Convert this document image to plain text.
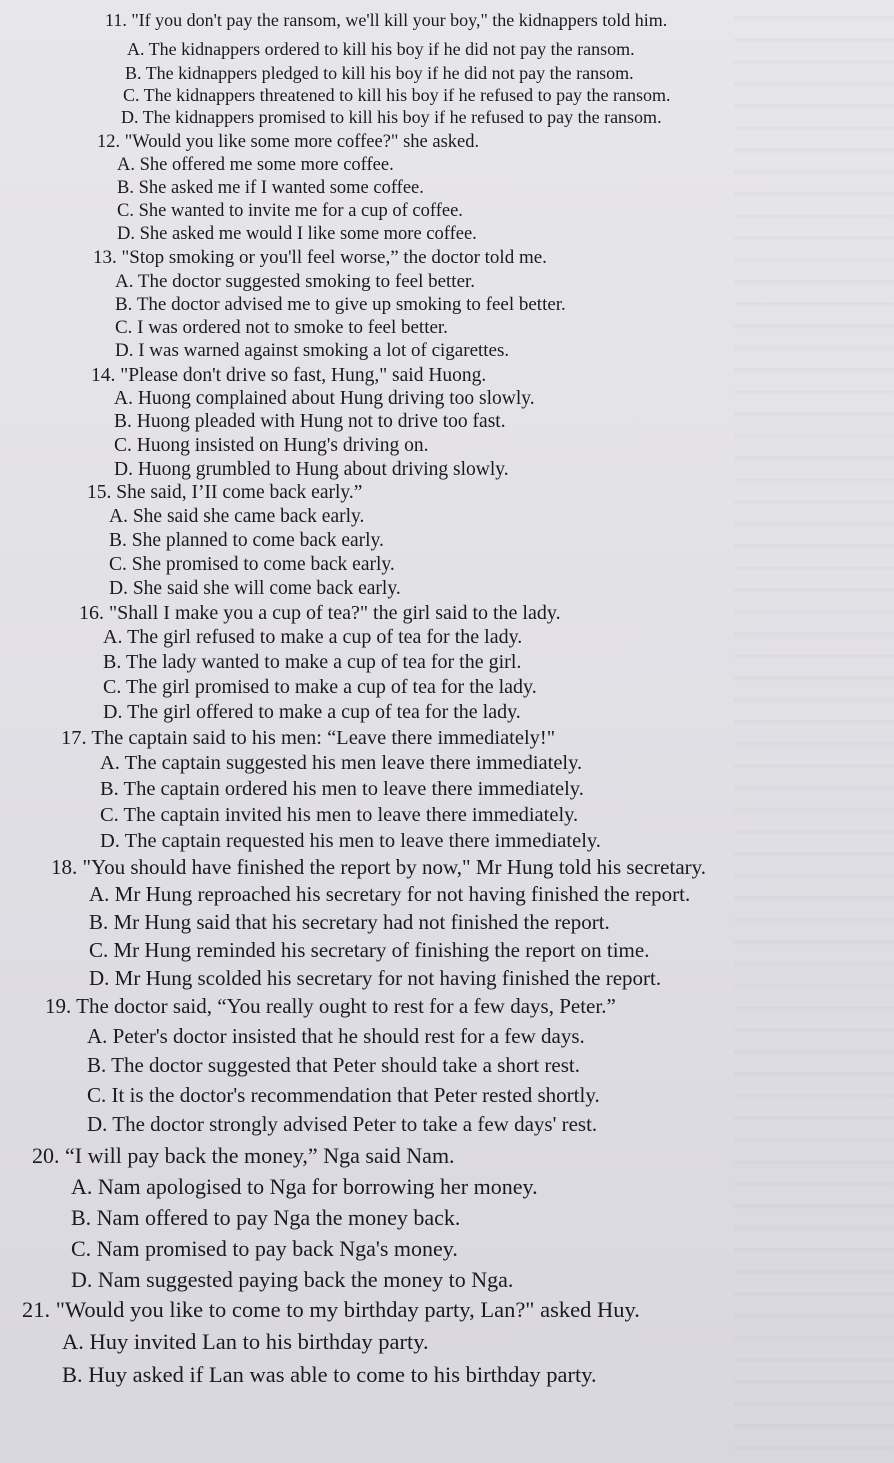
11. "If you don't pay the ransom, we'll kill your boy," the kidnappers told him.
A. The kidnappers ordered to kill his boy if he did not pay the ransom.
B. The kidnappers pledged to kill his boy if he did not pay the ransom.
C. The kidnappers threatened to kill his boy if he refused to pay the ransom.
D. The kidnappers promised to kill his boy if he refused to pay the ransom.
12. "Would you like some more coffee?" she asked.
A. She offered me some more coffee.
B. She asked me if I wanted some coffee.
C. She wanted to invite me for a cup of coffee.
D. She asked me would I like some more coffee.
13. "Stop smoking or you'll feel worse,” the doctor told me.
A. The doctor suggested smoking to feel better.
B. The doctor advised me to give up smoking to feel better.
C. I was ordered not to smoke to feel better.
D. I was warned against smoking a lot of cigarettes.
14. "Please don't drive so fast, Hung," said Huong.
A. Huong complained about Hung driving too slowly.
B. Huong pleaded with Hung not to drive too fast.
C. Huong insisted on Hung's driving on.
D. Huong grumbled to Hung about driving slowly.
15. She said, I’II come back early.”
A. She said she came back early.
B. She planned to come back early.
C. She promised to come back early.
D. She said she will come back early.
16. "Shall I make you a cup of tea?" the girl said to the lady.
A. The girl refused to make a cup of tea for the lady.
B. The lady wanted to make a cup of tea for the girl.
C. The girl promised to make a cup of tea for the lady.
D. The girl offered to make a cup of tea for the lady.
17. The captain said to his men: “Leave there immediately!"
A. The captain suggested his men leave there immediately.
B. The captain ordered his men to leave there immediately.
C. The captain invited his men to leave there immediately.
D. The captain requested his men to leave there immediately.
18. "You should have finished the report by now," Mr Hung told his secretary.
A. Mr Hung reproached his secretary for not having finished the report.
B. Mr Hung said that his secretary had not finished the report.
C. Mr Hung reminded his secretary of finishing the report on time.
D. Mr Hung scolded his secretary for not having finished the report.
19. The doctor said, “You really ought to rest for a few days, Peter.”
A. Peter's doctor insisted that he should rest for a few days.
B. The doctor suggested that Peter should take a short rest.
C. It is the doctor's recommendation that Peter rested shortly.
D. The doctor strongly advised Peter to take a few days' rest.
20. “I will pay back the money,” Nga said Nam.
A. Nam apologised to Nga for borrowing her money.
B. Nam offered to pay Nga the money back.
C. Nam promised to pay back Nga's money.
D. Nam suggested paying back the money to Nga.
21. "Would you like to come to my birthday party, Lan?" asked Huy.
A. Huy invited Lan to his birthday party.
B. Huy asked if Lan was able to come to his birthday party.
